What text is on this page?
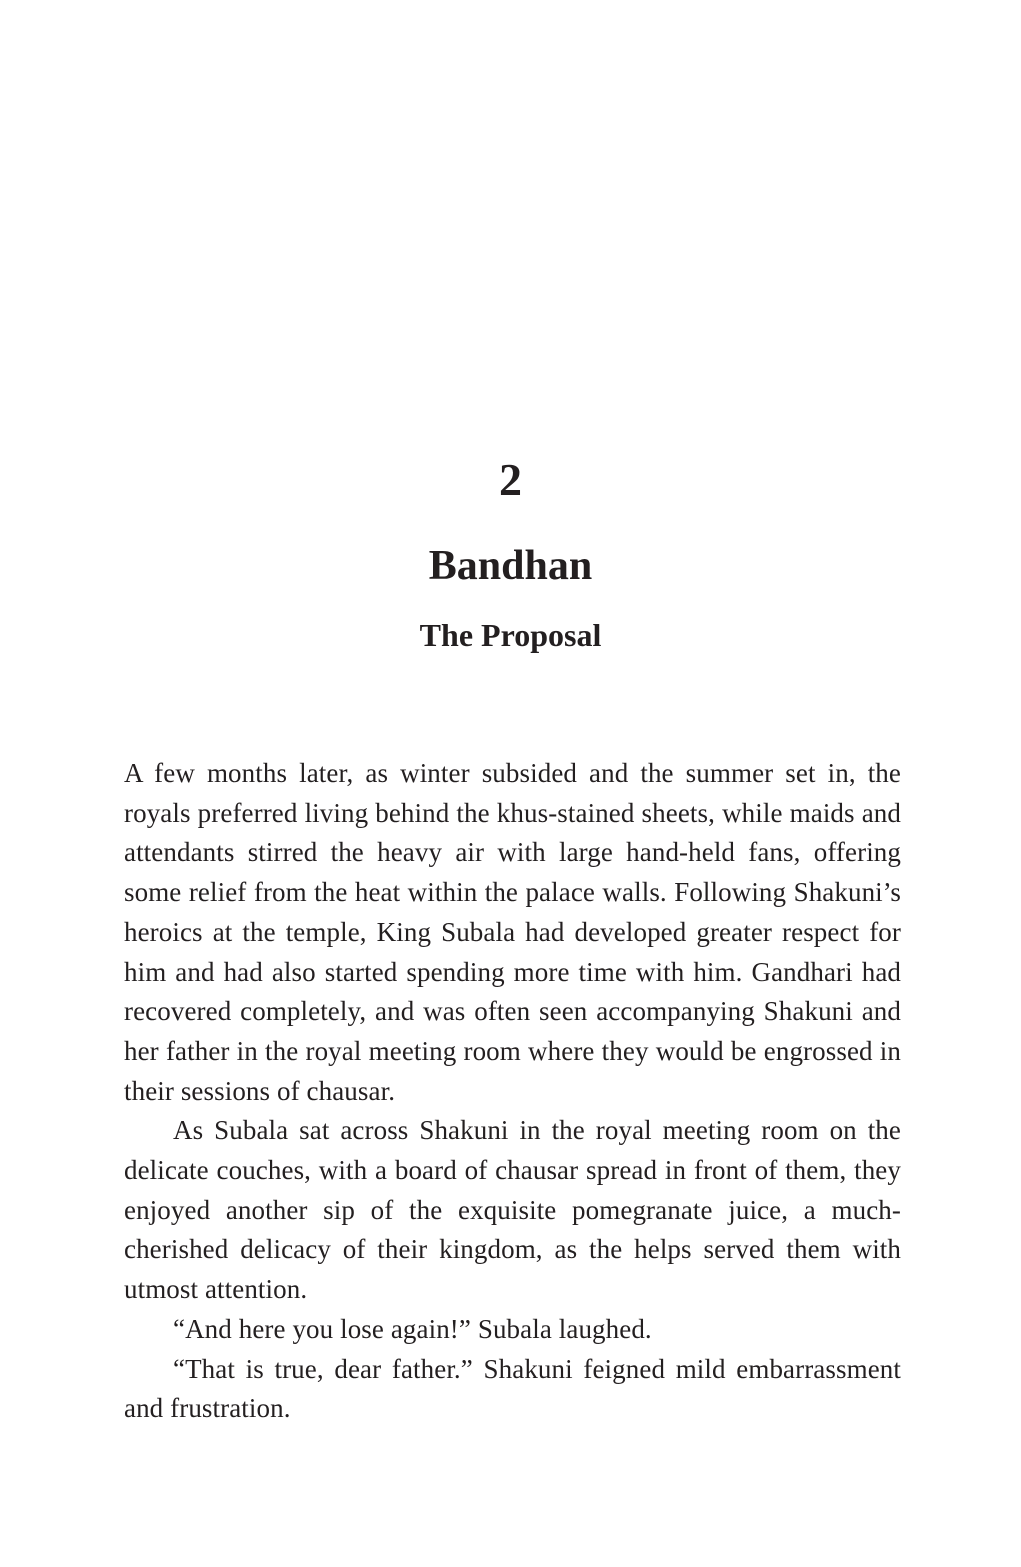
2
Bandhan
The Proposal

A few months later, as winter subsided and the summer set in, the royals preferred living behind the khus-stained sheets, while maids and attendants stirred the heavy air with large hand-held fans, offering some relief from the heat within the palace walls. Following Shakuni’s heroics at the temple, King Subala had developed greater respect for him and had also started spending more time with him. Gandhari had recovered completely, and was often seen accompanying Shakuni and her father in the royal meeting room where they would be engrossed in their sessions of chausar.

As Subala sat across Shakuni in the royal meeting room on the delicate couches, with a board of chausar spread in front of them, they enjoyed another sip of the exquisite pomegranate juice, a much-cherished delicacy of their kingdom, as the helps served them with utmost attention.

“And here you lose again!” Subala laughed.

“That is true, dear father.” Shakuni feigned mild embarrassment and frustration.
